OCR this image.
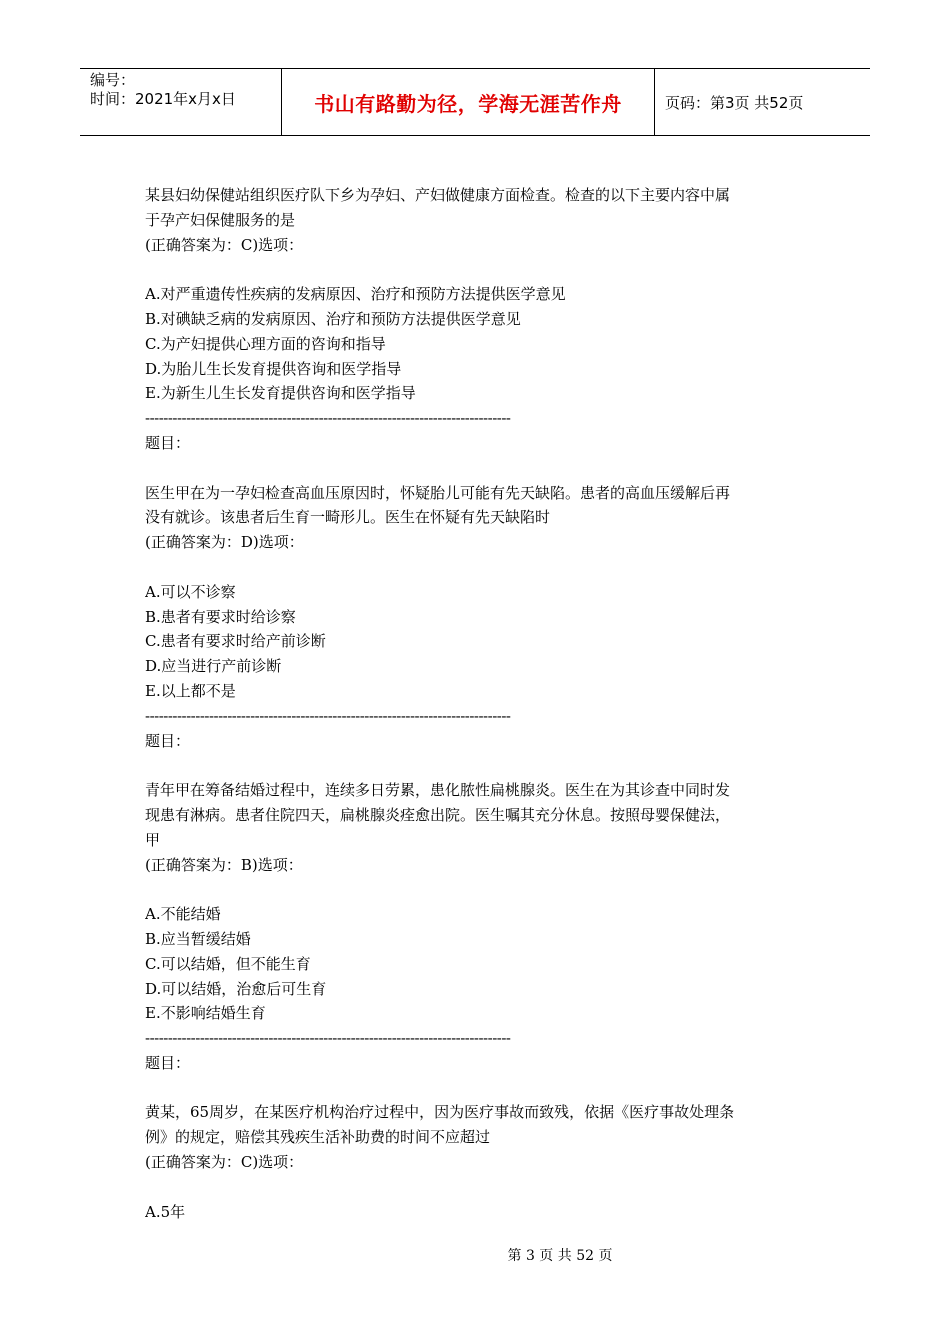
编号：
时间：2021年x月x日	书山有路勤为径，学海无涯苦作舟	页码：第3页 共52页
某县妇幼保健站组织医疗队下乡为孕妇、产妇做健康方面检查。检查的以下主要内容中属
于孕产妇保健服务的是
(正确答案为：C)选项：
A.对严重遗传性疾病的发病原因、治疗和预防方法提供医学意见
B.对碘缺乏病的发病原因、治疗和预防方法提供医学意见
C.为产妇提供心理方面的咨询和指导
D.为胎儿生长发育提供咨询和医学指导
E.为新生儿生长发育提供咨询和医学指导
--------------------------------------------------------------------------------
题目：
医生甲在为一孕妇检查高血压原因时，怀疑胎儿可能有先天缺陷。患者的高血压缓解后再
没有就诊。该患者后生育一畸形儿。医生在怀疑有先天缺陷时
(正确答案为：D)选项：
A.可以不诊察
B.患者有要求时给诊察
C.患者有要求时给产前诊断
D.应当进行产前诊断
E.以上都不是
--------------------------------------------------------------------------------
题目：
青年甲在筹备结婚过程中，连续多日劳累，患化脓性扁桃腺炎。医生在为其诊查中同时发
现患有淋病。患者住院四天，扁桃腺炎痊愈出院。医生嘱其充分休息。按照母婴保健法，
甲
(正确答案为：B)选项：
A.不能结婚
B.应当暂缓结婚
C.可以结婚，但不能生育
D.可以结婚，治愈后可生育
E.不影响结婚生育
--------------------------------------------------------------------------------
题目：
黄某，65周岁，在某医疗机构治疗过程中，因为医疗事故而致残，依据《医疗事故处理条
例》的规定，赔偿其残疾生活补助费的时间不应超过
(正确答案为：C)选项：
A.5年
第 3 页 共 52 页
